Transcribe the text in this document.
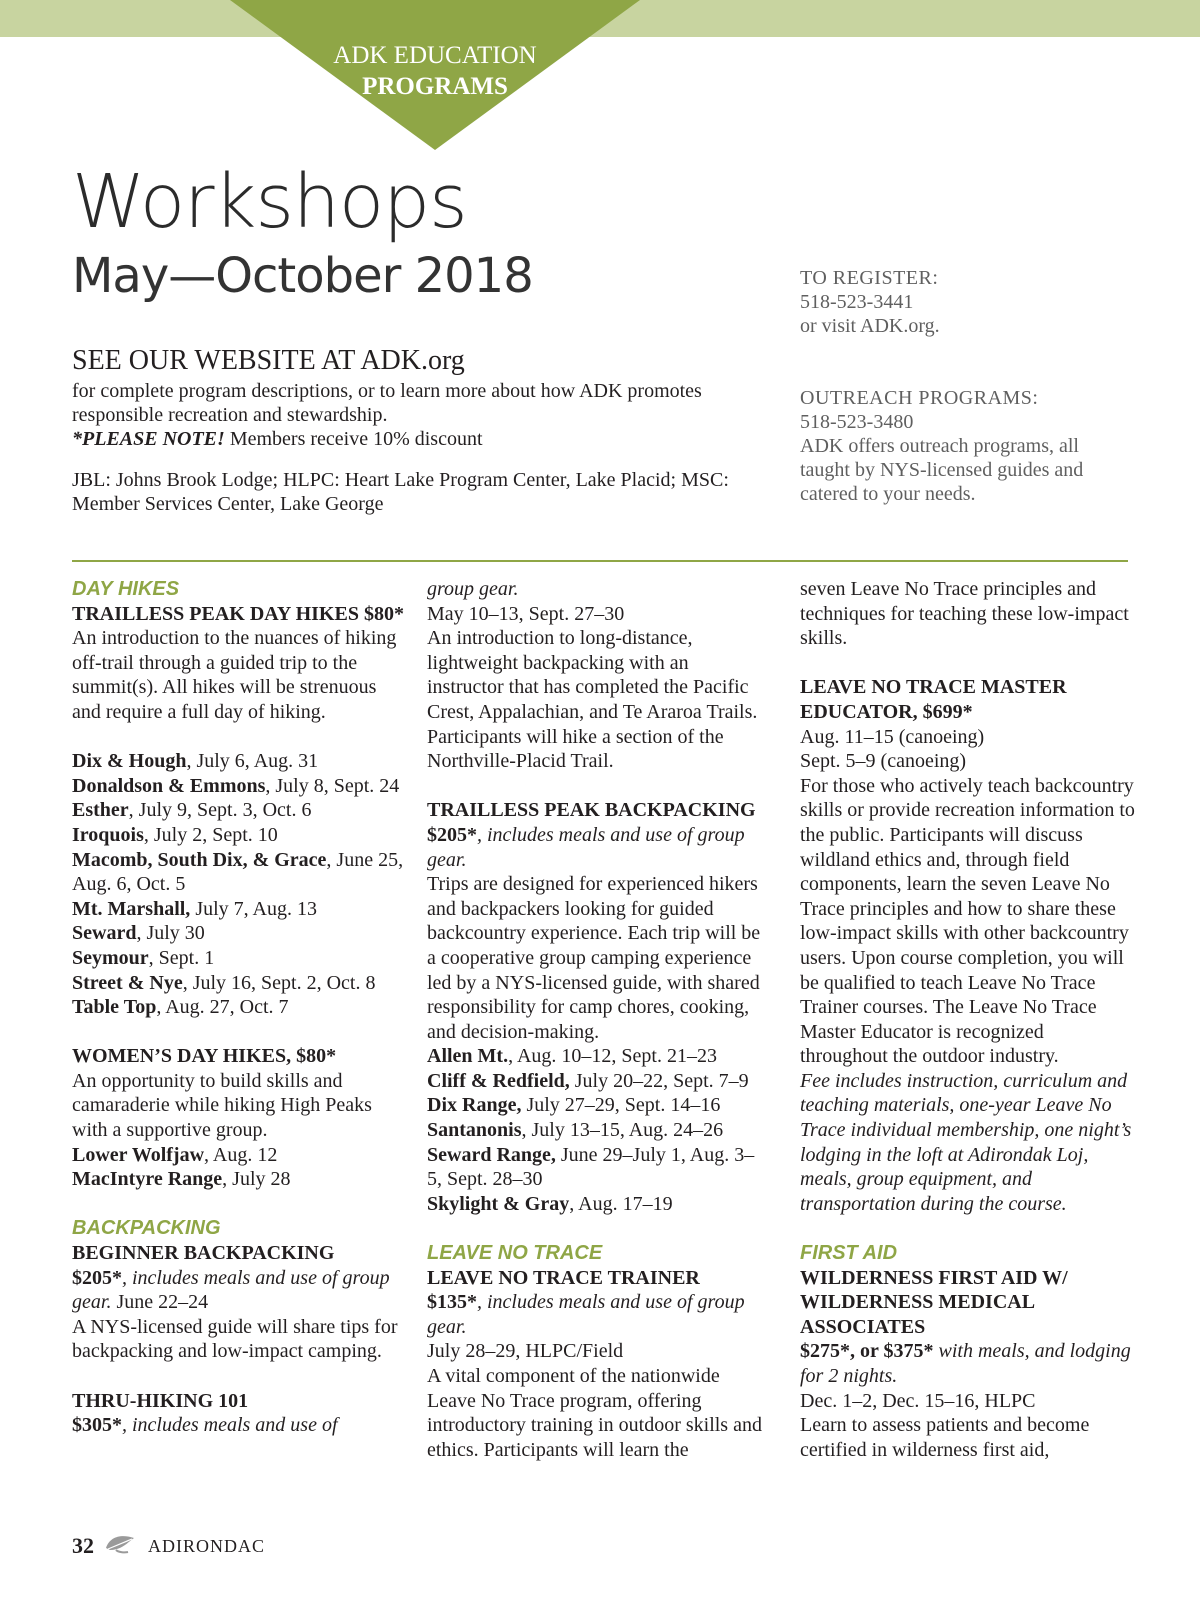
ADK EDUCATION
PROGRAMS
Workshops
May—October 2018	TO REGISTER:
518-523-3441
or visit ADK.org.
OUTREACH PROGRAMS:
518-523-3480
ADK offers outreach programs, all taught by NYS-licensed guides and catered to your needs.
SEE OUR WEBSITE AT ADK.org
for complete program descriptions, or to learn more about how ADK promotes responsible recreation and stewardship.
*PLEASE NOTE! Members receive 10% discount
JBL: Johns Brook Lodge; HLPC: Heart Lake Program Center, Lake Placid; MSC: Member Services Center, Lake George

DAY HIKES

TRAILLESS PEAK DAY HIKES $80*

An introduction to the nuances of hiking off-trail through a guided trip to the summit(s). All hikes will be strenuous and require a full day of hiking.

Dix & Hough, July 6, Aug. 31

Donaldson & Emmons, July 8, Sept. 24

Esther, July 9, Sept. 3, Oct. 6

Iroquois, July 2, Sept. 10

Macomb, South Dix, & Grace, June 25, Aug. 6, Oct. 5

Mt. Marshall, July 7, Aug. 13

Seward, July 30

Seymour, Sept. 1

Street & Nye, July 16, Sept. 2, Oct. 8

Table Top, Aug. 27, Oct. 7

WOMEN’S DAY HIKES, $80*

An opportunity to build skills and camaraderie while hiking High Peaks with a supportive group.

Lower Wolfjaw, Aug. 12

MacIntyre Range, July 28

BACKPACKING

BEGINNER BACKPACKING

$205*, includes meals and use of group gear. June 22–24

A NYS-licensed guide will share tips for backpacking and low-impact camping.

THRU-HIKING 101

$305*, includes meals and use of

group gear.

May 10–13, Sept. 27–30

An introduction to long-distance, lightweight backpacking with an instructor that has completed the Pacific Crest, Appalachian, and Te Araroa Trails. Participants will hike a section of the Northville-Placid Trail.

TRAILLESS PEAK BACKPACKING

$205*, includes meals and use of group gear.

Trips are designed for experienced hikers and backpackers looking for guided backcountry experience. Each trip will be a cooperative group camping experience led by a NYS-licensed guide, with shared responsibility for camp chores, cooking, and decision-making.

Allen Mt., Aug. 10–12, Sept. 21–23

Cliff & Redfield, July 20–22, Sept. 7–9

Dix Range, July 27–29, Sept. 14–16

Santanonis, July 13–15, Aug. 24–26

Seward Range, June 29–July 1, Aug. 3–5, Sept. 28–30

Skylight & Gray, Aug. 17–19

LEAVE NO TRACE

LEAVE NO TRACE TRAINER

$135*, includes meals and use of group gear.

July 28–29, HLPC/Field

A vital component of the nationwide Leave No Trace program, offering introductory training in outdoor skills and ethics. Participants will learn the

seven Leave No Trace principles and techniques for teaching these low-impact skills.

LEAVE NO TRACE MASTER EDUCATOR, $699*

Aug. 11–15 (canoeing)

Sept. 5–9 (canoeing)

For those who actively teach backcountry skills or provide recreation information to the public. Participants will discuss wildland ethics and, through field components, learn the seven Leave No Trace principles and how to share these low-impact skills with other backcountry users. Upon course completion, you will be qualified to teach Leave No Trace Trainer courses. The Leave No Trace Master Educator is recognized throughout the outdoor industry.

Fee includes instruction, curriculum and teaching materials, one-year Leave No Trace individual membership, one night’s lodging in the loft at Adirondak Loj, meals, group equipment, and transportation during the course.

FIRST AID

WILDERNESS FIRST AID W/ WILDERNESS MEDICAL ASSOCIATES

$275*, or $375* with meals, and lodging for 2 nights.

Dec. 1–2, Dec. 15–16, HLPC

Learn to assess patients and become certified in wilderness first aid,

32	ADIRONDAC
